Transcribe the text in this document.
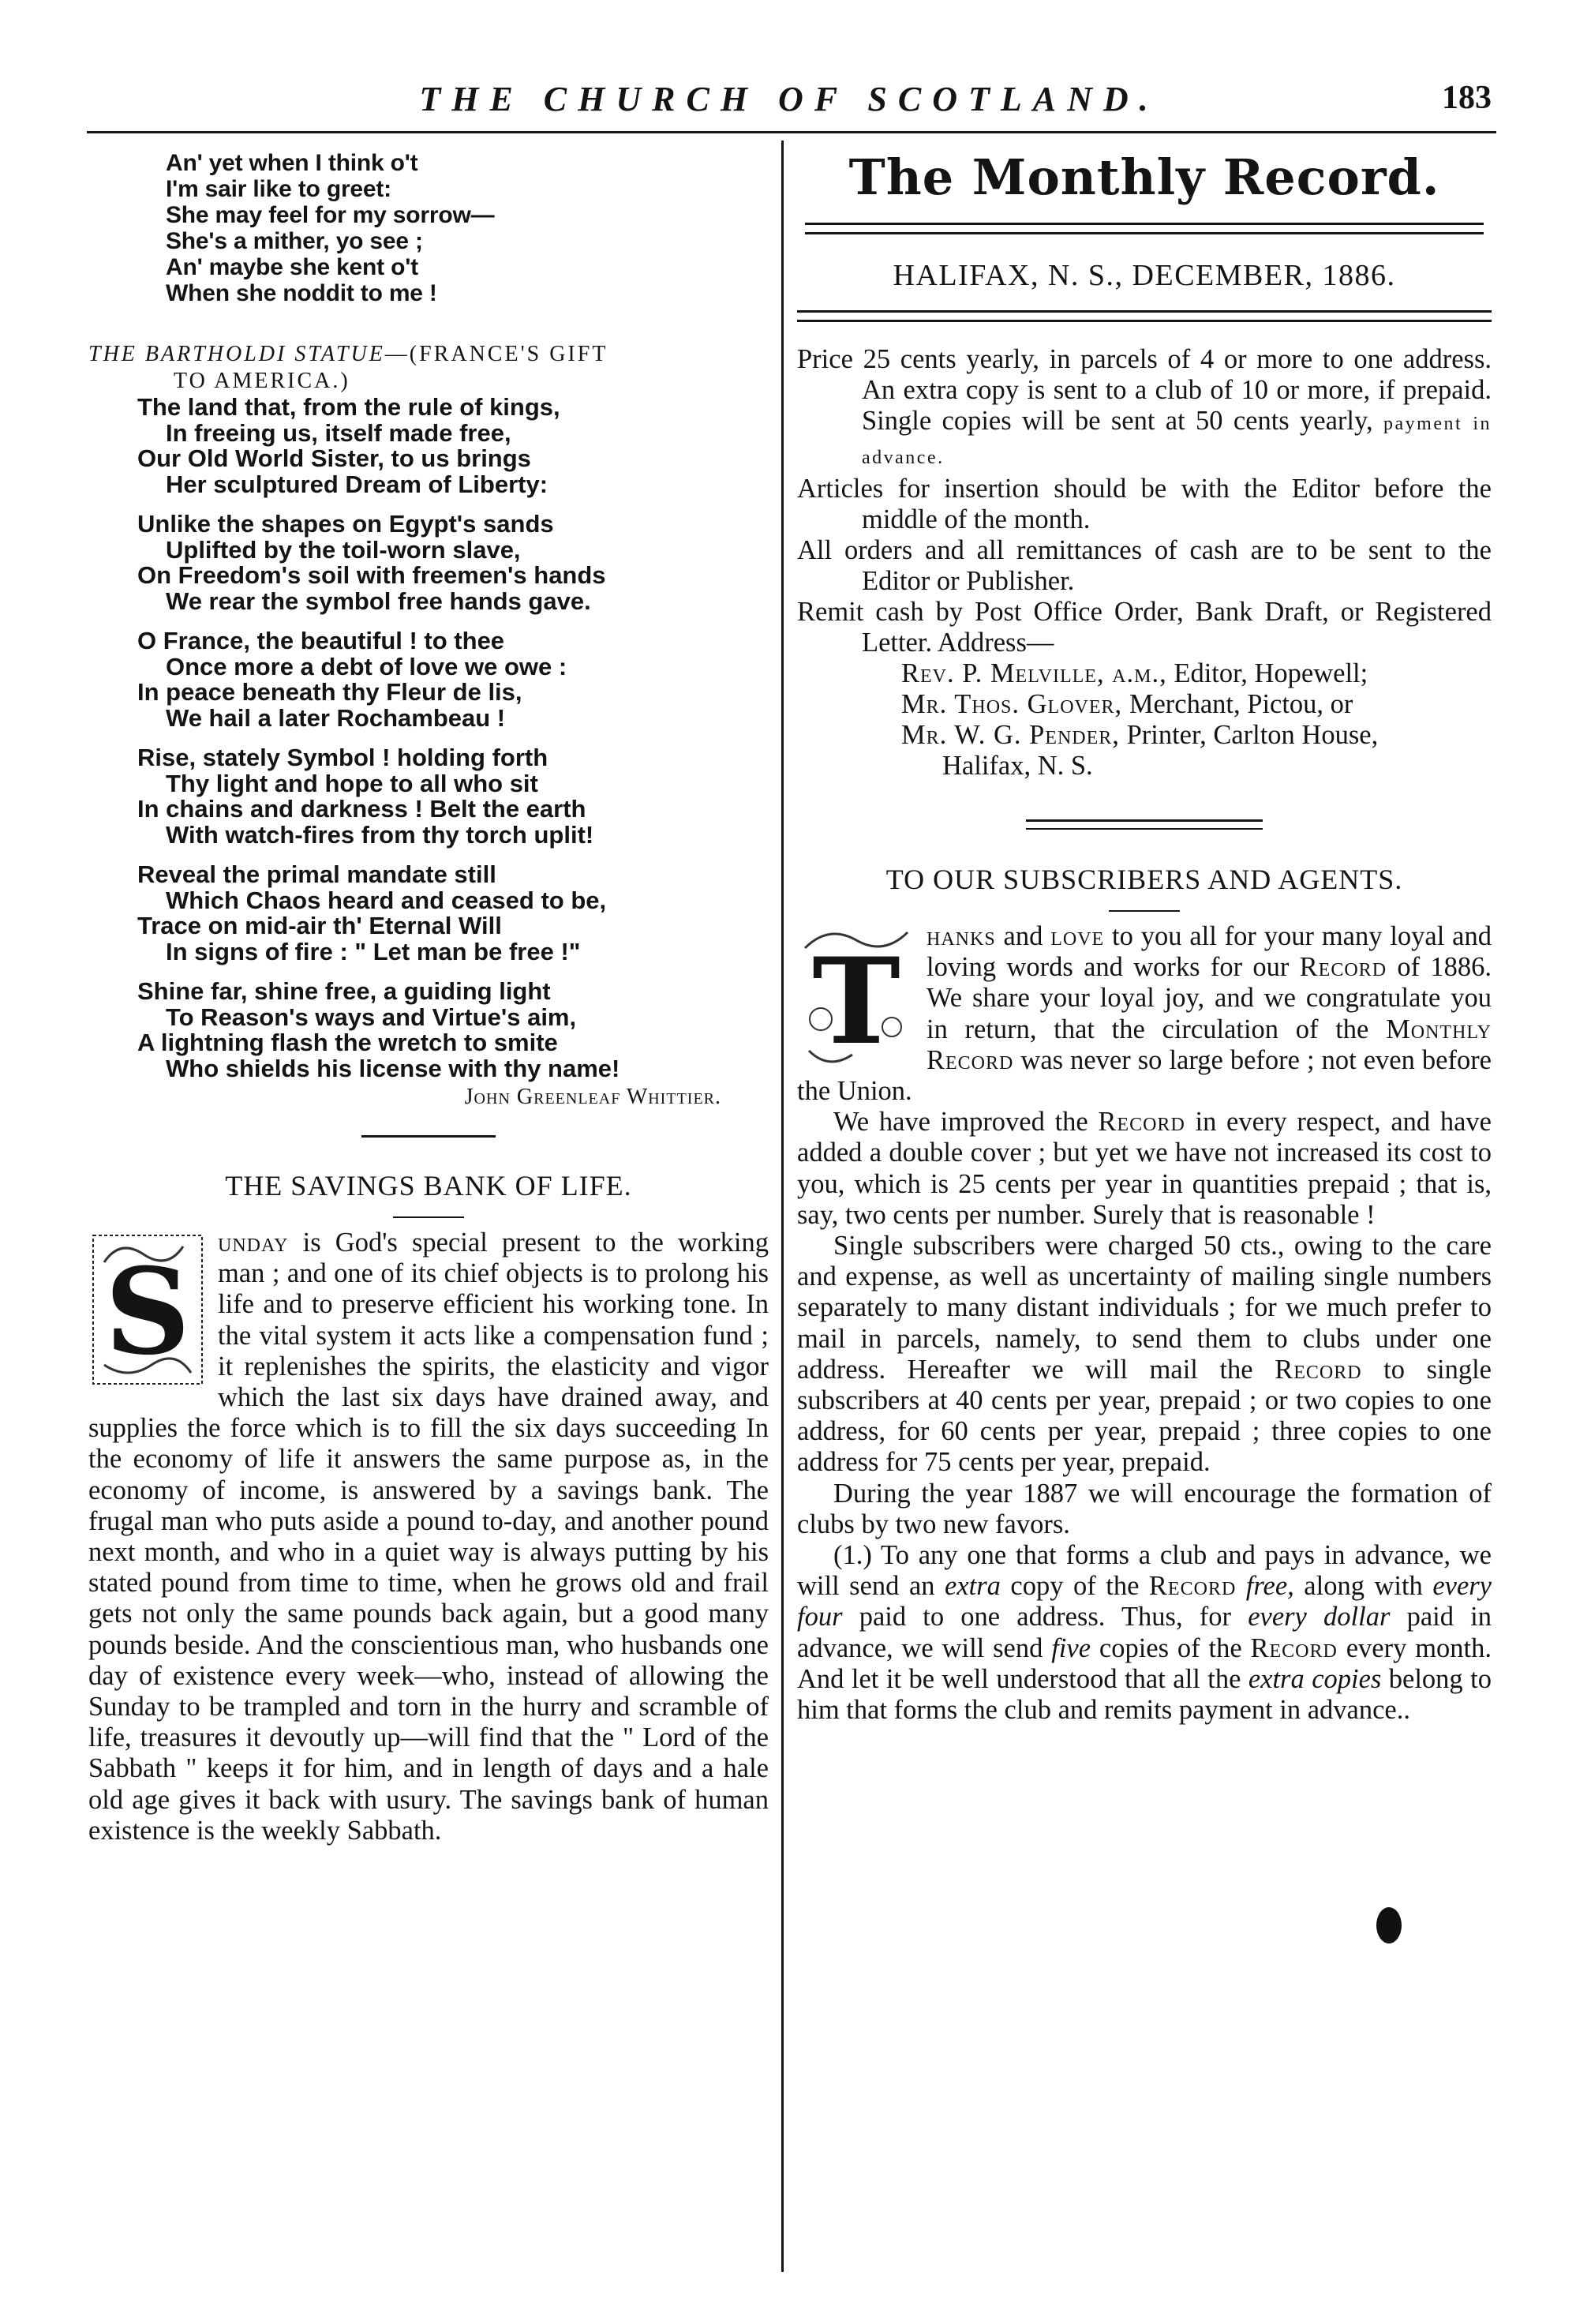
THE CHURCH OF SCOTLAND.	183
An' yet when I think o't
I'm sair like to greet:
She may feel for my sorrow—
She's a mither, yo see ;
An' maybe she kent o't
When she noddit to me !
THE BARTHOLDI STATUE—(FRANCE'S GIFT
TO AMERICA.)
The land that, from the rule of kings,
In freeing us, itself made free,
Our Old World Sister, to us brings
Her sculptured Dream of Liberty:
Unlike the shapes on Egypt's sands
Uplifted by the toil-worn slave,
On Freedom's soil with freemen's hands
We rear the symbol free hands gave.
O France, the beautiful ! to thee
Once more a debt of love we owe :
In peace beneath thy Fleur de lis,
We hail a later Rochambeau !
Rise, stately Symbol ! holding forth
Thy light and hope to all who sit
In chains and darkness ! Belt the earth
With watch-fires from thy torch uplit!
Reveal the primal mandate still
Which Chaos heard and ceased to be,
Trace on mid-air th' Eternal Will
In signs of fire : " Let man be free !"
Shine far, shine free, a guiding light
To Reason's ways and Virtue's aim,
A lightning flash the wretch to smite
Who shields his license with thy name!
John Greenleaf Whittier.
THE SAVINGS BANK OF LIFE.
S unday is God's special present to the working man ; and one of its chief objects is to prolong his life and to preserve efficient his working tone. In the vital system it acts like a compensation fund ; it replenishes the spirits, the elasticity and vigor which the last six days have drained away, and supplies the force which is to fill the six days succeeding In the economy of life it answers the same purpose as, in the economy of income, is answered by a savings bank. The frugal man who puts aside a pound to-day, and another pound next month, and who in a quiet way is always putting by his stated pound from time to time, when he grows old and frail gets not only the same pounds back again, but a good many pounds beside. And the conscientious man, who husbands one day of existence every week—who, instead of allowing the Sunday to be trampled and torn in the hurry and scramble of life, treasures it devoutly up—will find that the " Lord of the Sabbath " keeps it for him, and in length of days and a hale old age gives it back with usury. The savings bank of human existence is the weekly Sabbath.
The Monthly Record.
HALIFAX, N. S., DECEMBER, 1886.

Price 25 cents yearly, in parcels of 4 or more to one address. An extra copy is sent to a club of 10 or more, if prepaid. Single copies will be sent at 50 cents yearly, payment in advance.

Articles for insertion should be with the Editor before the middle of the month.

All orders and all remittances of cash are to be sent to the Editor or Publisher.

Remit cash by Post Office Order, Bank Draft, or Registered Letter. Address—
Rev. P. Melville, a.m., Editor, Hopewell;
Mr. Thos. Glover, Merchant, Pictou, or
Mr. W. G. Pender, Printer, Carlton House,
Halifax, N. S.

TO OUR SUBSCRIBERS AND AGENTS.

T hanks and love to you all for your many loyal and loving words and works for our Record of 1886. We share your loyal joy, and we congratulate you in return, that the circulation of the Monthly Record was never so large before ; not even before the Union.

We have improved the Record in every respect, and have added a double cover ; but yet we have not increased its cost to you, which is 25 cents per year in quantities prepaid ; that is, say, two cents per number. Surely that is reasonable !

Single subscribers were charged 50 cts., owing to the care and expense, as well as uncertainty of mailing single numbers separately to many distant individuals ; for we much prefer to mail in parcels, namely, to send them to clubs under one address. Hereafter we will mail the Record to single subscribers at 40 cents per year, prepaid ; or two copies to one address, for 60 cents per year, prepaid ; three copies to one address for 75 cents per year, prepaid.

During the year 1887 we will encourage the formation of clubs by two new favors.

(1.) To any one that forms a club and pays in advance, we will send an extra copy of the Record free, along with every four paid to one address. Thus, for every dollar paid in advance, we will send five copies of the Record every month. And let it be well understood that all the extra copies belong to him that forms the club and remits payment in advance..
